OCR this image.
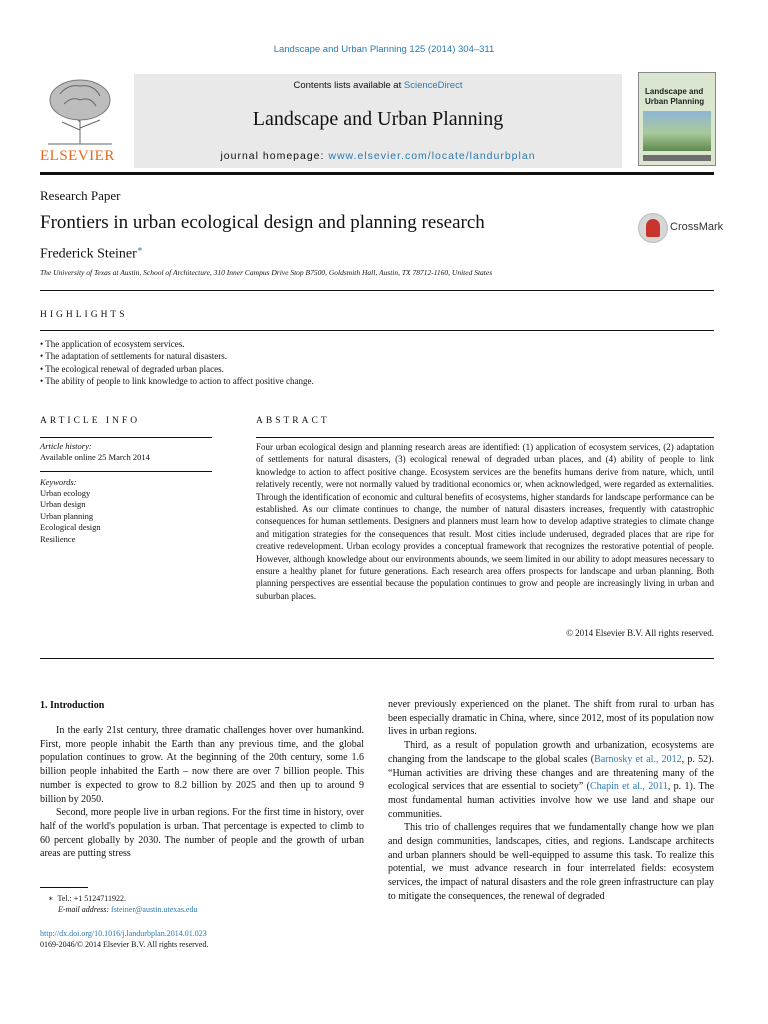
Landscape and Urban Planning 125 (2014) 304–311
ELSEVIER
Contents lists available at ScienceDirect
Landscape and Urban Planning
journal homepage: www.elsevier.com/locate/landurbplan
Landscape and
Urban Planning
Research Paper
Frontiers in urban ecological design and planning research
Frederick Steiner∗
The University of Texas at Austin, School of Architecture, 310 Inner Campus Drive Stop B7500, Goldsmith Hall, Austin, TX 78712-1160, United States
CrossMark
HIGHLIGHTS
• The application of ecosystem services.
• The adaptation of settlements for natural disasters.
• The ecological renewal of degraded urban places.
• The ability of people to link knowledge to action to affect positive change.
ARTICLE INFO
Article history:
Available online 25 March 2014
Keywords:
Urban ecology
Urban design
Urban planning
Ecological design
Resilience
ABSTRACT
Four urban ecological design and planning research areas are identified: (1) application of ecosystem services, (2) adaptation of settlements for natural disasters, (3) ecological renewal of degraded urban places, and (4) ability of people to link knowledge to action to affect positive change. Ecosystem services are the benefits humans derive from nature, which, until relatively recently, were not normally valued by traditional economics or, when acknowledged, were regarded as externalities. Through the identification of economic and cultural benefits of ecosystems, higher standards for landscape performance can be established. As our climate continues to change, the number of natural disasters increases, frequently with catastrophic consequences for human settlements. Designers and planners must learn how to develop adaptive strategies to climate change and mitigation strategies for the consequences that result. Most cities include underused, degraded places that are ripe for creative redevelopment. Urban ecology provides a conceptual framework that recognizes the restorative potential of people. However, although knowledge about our environments abounds, we seem limited in our ability to adopt measures necessary to ensure a healthy planet for future generations. Each research area offers prospects for landscape and urban planning. Both planning perspectives are essential because the population continues to grow and people are increasingly living in urban and suburban places.
© 2014 Elsevier B.V. All rights reserved.
1. Introduction

In the early 21st century, three dramatic challenges hover over humankind. First, more people inhabit the Earth than any previous time, and the global population continues to grow. At the beginning of the 20th century, some 1.6 billion people inhabited the Earth – now there are over 7 billion people. This number is expected to grow to 8.2 billion by 2025 and then up to around 9 billion by 2050.

Second, more people live in urban regions. For the first time in history, over half of the world's population is urban. That percentage is expected to climb to 60 percent globally by 2030. The number of people and the growth of urban areas are putting stress

never previously experienced on the planet. The shift from rural to urban has been especially dramatic in China, where, since 2012, most of its population now lives in urban regions.

Third, as a result of population growth and urbanization, ecosystems are changing from the landscape to the global scales (Barnosky et al., 2012, p. 52). “Human activities are driving these changes and are threatening many of the ecological services that are essential to society” (Chapin et al., 2011, p. 1). The most fundamental human activities involve how we use land and shape our communities.

This trio of challenges requires that we fundamentally change how we plan and design communities, landscapes, cities, and regions. Landscape architects and urban planners should be well-equipped to assume this task. To realize this potential, we must advance research in four interrelated fields: ecosystem services, the impact of natural disasters and the role green infrastructure can play to mitigate the consequences, the renewal of degraded

∗ Tel.: +1 5124711922.
E-mail address: fsteiner@austin.utexas.edu
http://dx.doi.org/10.1016/j.landurbplan.2014.01.023
0169-2046/© 2014 Elsevier B.V. All rights reserved.
